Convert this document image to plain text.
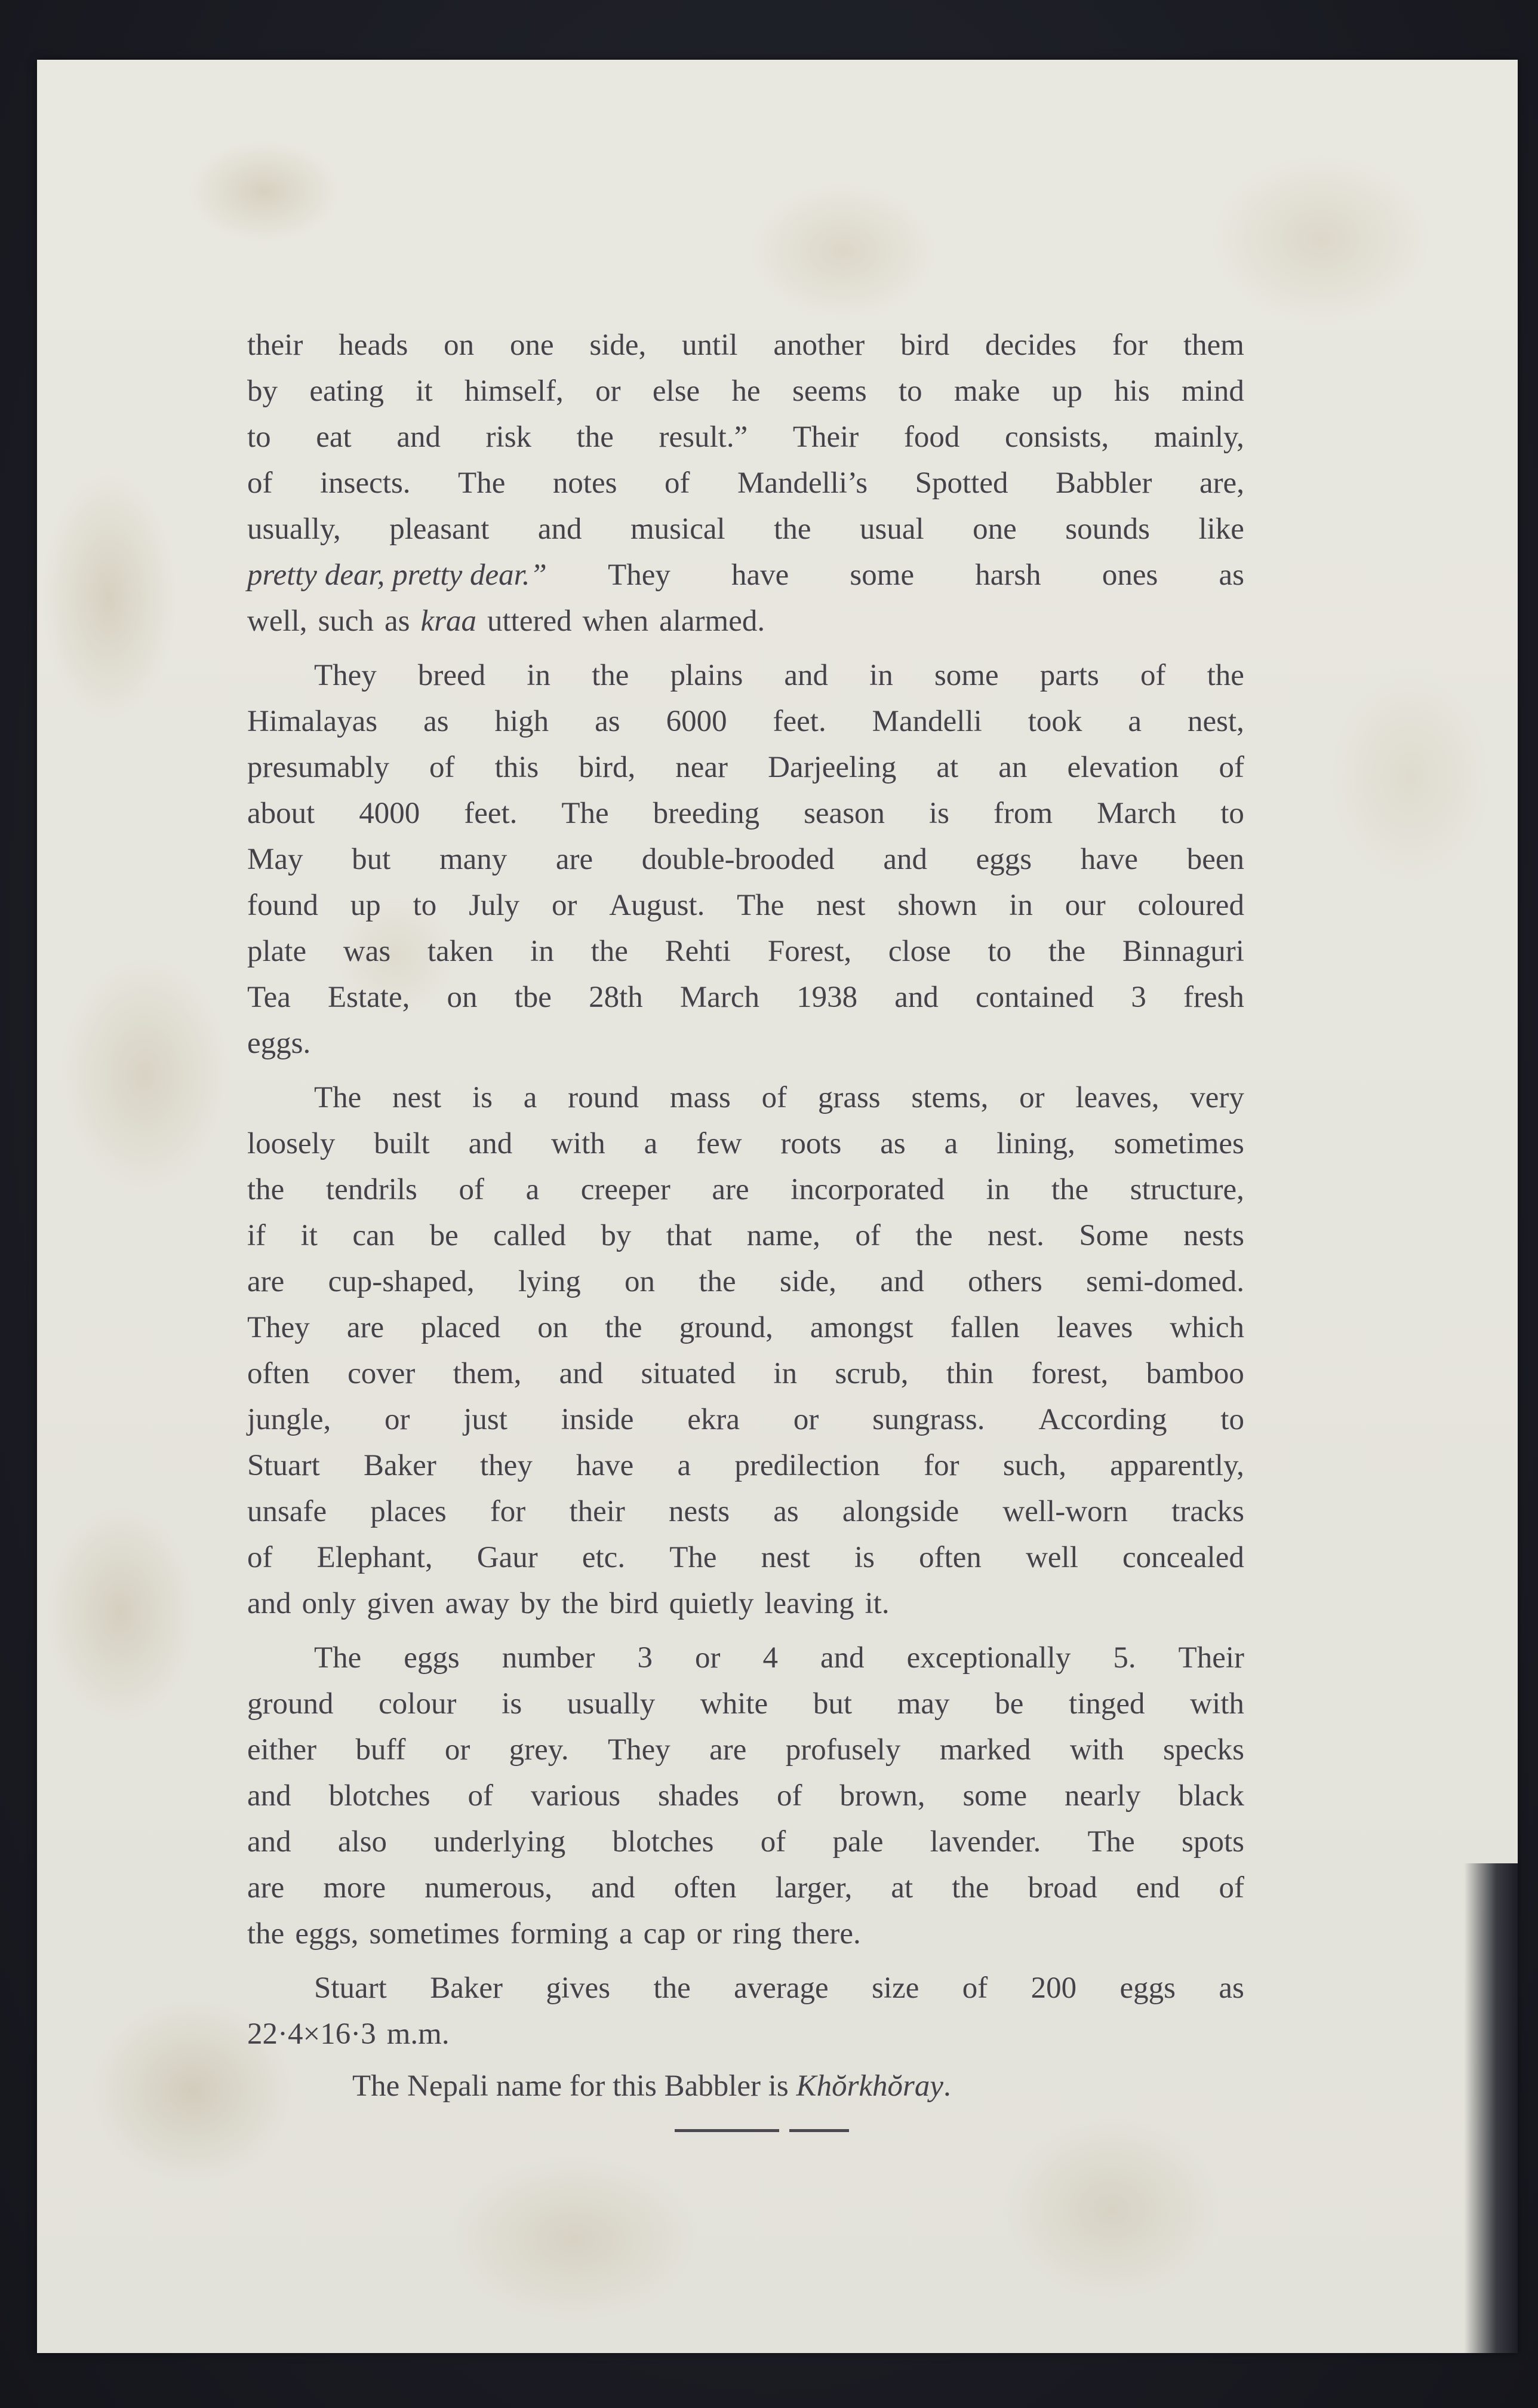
their heads on one side, until another bird decides for them
by eating it himself, or else he seems to make up his mind
to eat and risk the result.” Their food consists, mainly,
of insects. The notes of Mandelli’s Spotted Babbler are,
usually, pleasant and musical the usual one sounds like
pretty dear, pretty dear.” They have some harsh ones as
well, such as kraa uttered when alarmed.
They breed in the plains and in some parts of the
Himalayas as high as 6000 feet. Mandelli took a nest,
presumably of this bird, near Darjeeling at an elevation of
about 4000 feet. The breeding season is from March to
May but many are double-brooded and eggs have been
found up to July or August. The nest shown in our coloured
plate was taken in the Rehti Forest, close to the Binnaguri
Tea Estate, on tbe 28th March 1938 and contained 3 fresh
eggs.
The nest is a round mass of grass stems, or leaves, very
loosely built and with a few roots as a lining, sometimes
the tendrils of a creeper are incorporated in the structure,
if it can be called by that name, of the nest. Some nests
are cup-shaped, lying on the side, and others semi-domed.
They are placed on the ground, amongst fallen leaves which
often cover them, and situated in scrub, thin forest, bamboo
jungle, or just inside ekra or sungrass. According to
Stuart Baker they have a predilection for such, apparently,
unsafe places for their nests as alongside well-worn tracks
of Elephant, Gaur etc. The nest is often well concealed
and only given away by the bird quietly leaving it.
The eggs number 3 or 4 and exceptionally 5. Their
ground colour is usually white but may be tinged with
either buff or grey. They are profusely marked with specks
and blotches of various shades of brown, some nearly black
and also underlying blotches of pale lavender. The spots
are more numerous, and often larger, at the broad end of
the eggs, sometimes forming a cap or ring there.
Stuart Baker gives the average size of 200 eggs as
22·4×16·3 m.m.
The Nepali name for this Babbler is Khŏrkhŏray.
